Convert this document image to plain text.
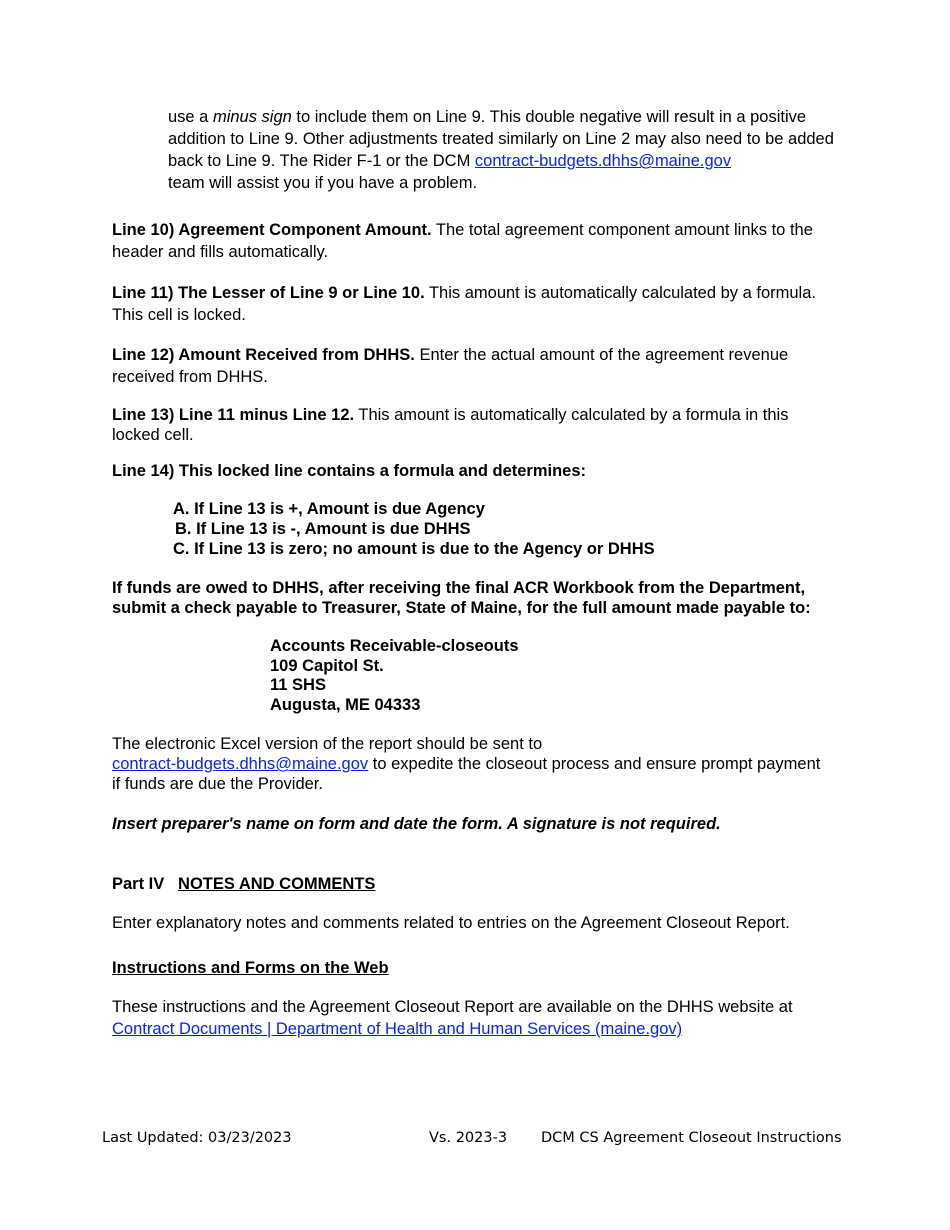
use a minus sign to include them on Line 9. This double negative will result in a positive addition to Line 9. Other adjustments treated similarly on Line 2 may also need to be added back to Line 9. The Rider F-1 or the DCM contract-budgets.dhhs@maine.gov
team will assist you if you have a problem.
Line 10) Agreement Component Amount. The total agreement component amount links to the header and fills automatically.
Line 11) The Lesser of Line 9 or Line 10. This amount is automatically calculated by a formula. This cell is locked.
Line 12) Amount Received from DHHS. Enter the actual amount of the agreement revenue received from DHHS.
Line 13) Line 11 minus Line 12. This amount is automatically calculated by a formula in this locked cell.
Line 14) This locked line contains a formula and determines:
A. If Line 13 is +, Amount is due Agency
B. If Line 13 is -, Amount is due DHHS
C. If Line 13 is zero; no amount is due to the Agency or DHHS
If funds are owed to DHHS, after receiving the final ACR Workbook from the Department, submit a check payable to Treasurer, State of Maine, for the full amount made payable to:
Accounts Receivable-closeouts
109 Capitol St.
11 SHS
Augusta, ME 04333
The electronic Excel version of the report should be sent to
contract-budgets.dhhs@maine.gov to expedite the closeout process and ensure prompt payment if funds are due the Provider.
Insert preparer's name on form and date the form. A signature is not required.
Part IV   NOTES AND COMMENTS
Enter explanatory notes and comments related to entries on the Agreement Closeout Report.
Instructions and Forms on the Web
These instructions and the Agreement Closeout Report are available on the DHHS website at
Contract Documents | Department of Health and Human Services (maine.gov)
Last Updated: 03/23/2023	Vs. 2023-3 DCM CS Agreement Closeout Instructions
